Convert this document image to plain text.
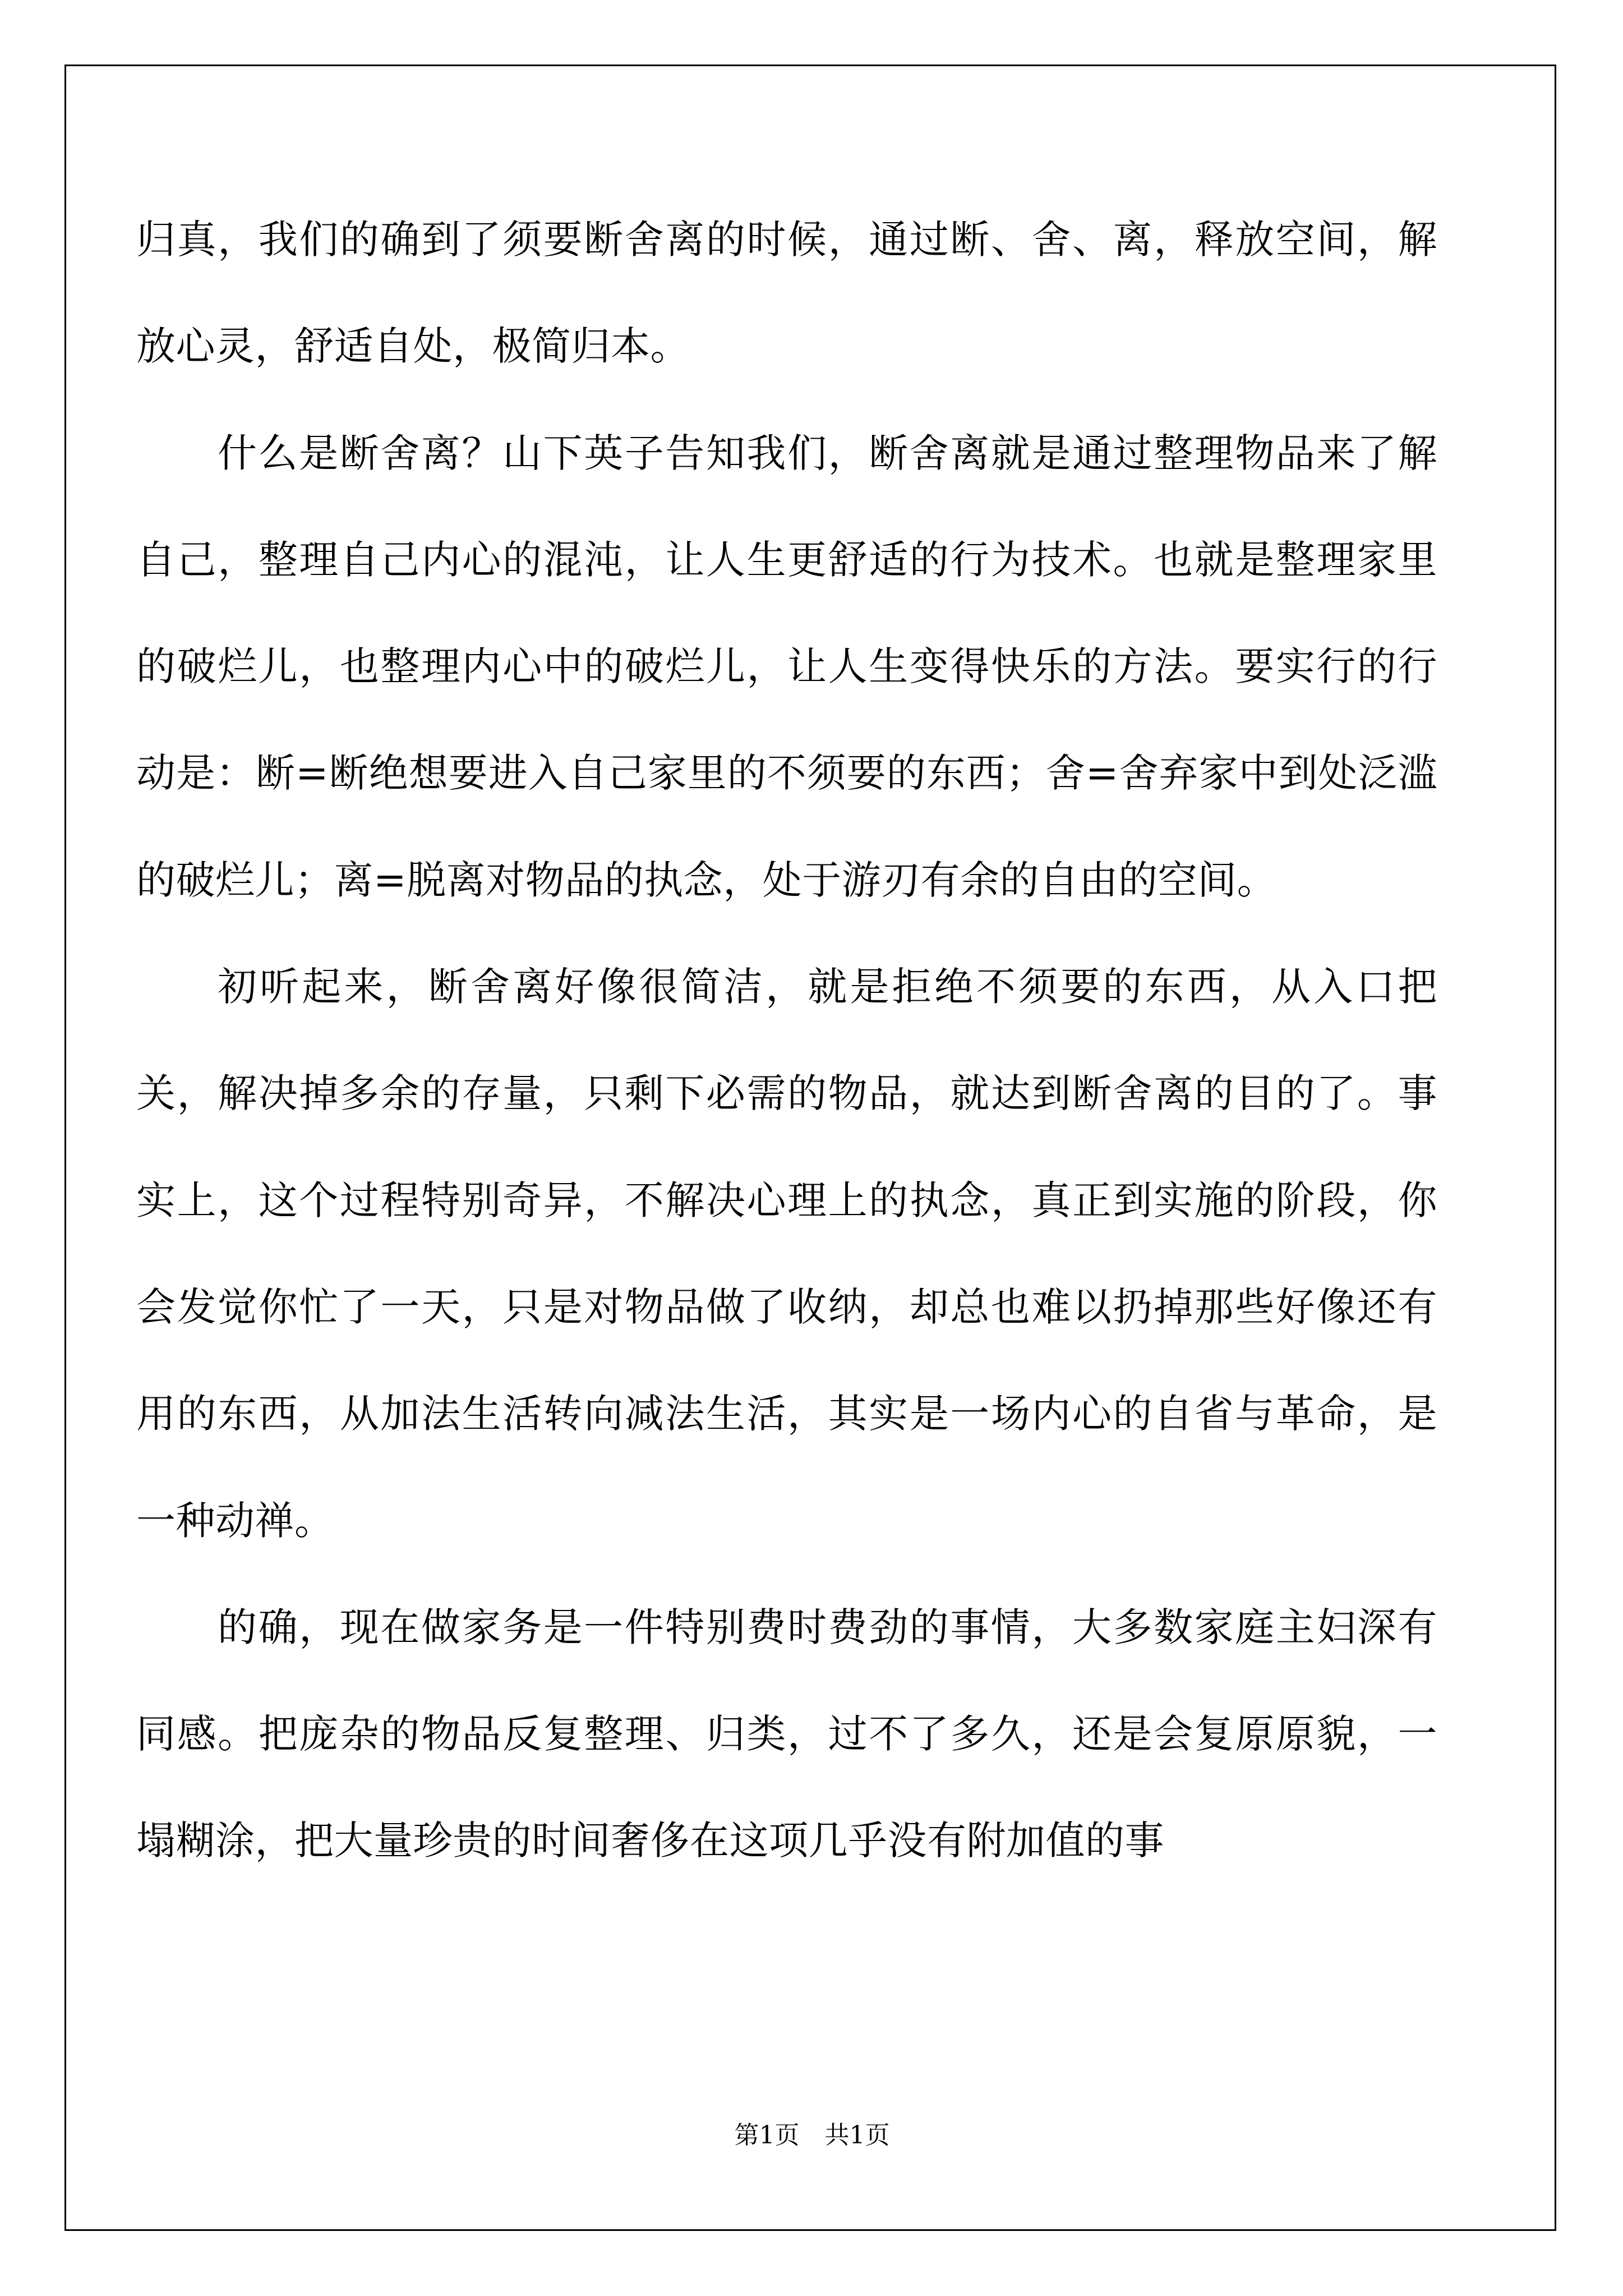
第1页 共1页

归真，我们的确到了须要断舍离的时候，通过断、舍、离，释放空间，解放心灵，舒适自处，极简归本。

什么是断舍离？山下英子告知我们，断舍离就是通过整理物品来了解自己，整理自己内心的混沌，让人生更舒适的行为技术。也就是整理家里的破烂儿，也整理内心中的破烂儿，让人生变得快乐的方法。要实行的行动是：断=断绝想要进入自己家里的不须要的东西；舍=舍弃家中到处泛滥的破烂儿；离=脱离对物品的执念，处于游刃有余的自由的空间。

初听起来，断舍离好像很简洁，就是拒绝不须要的东西，从入口把关，解决掉多余的存量，只剩下必需的物品，就达到断舍离的目的了。事实上，这个过程特别奇异，不解决心理上的执念，真正到实施的阶段，你会发觉你忙了一天，只是对物品做了收纳，却总也难以扔掉那些好像还有用的东西，从加法生活转向减法生活，其实是一场内心的自省与革命，是一种动禅。

的确，现在做家务是一件特别费时费劲的事情，大多数家庭主妇深有同感。把庞杂的物品反复整理、归类，过不了多久，还是会复原原貌，一塌糊涂，把大量珍贵的时间奢侈在这项几乎没有附加值的事
